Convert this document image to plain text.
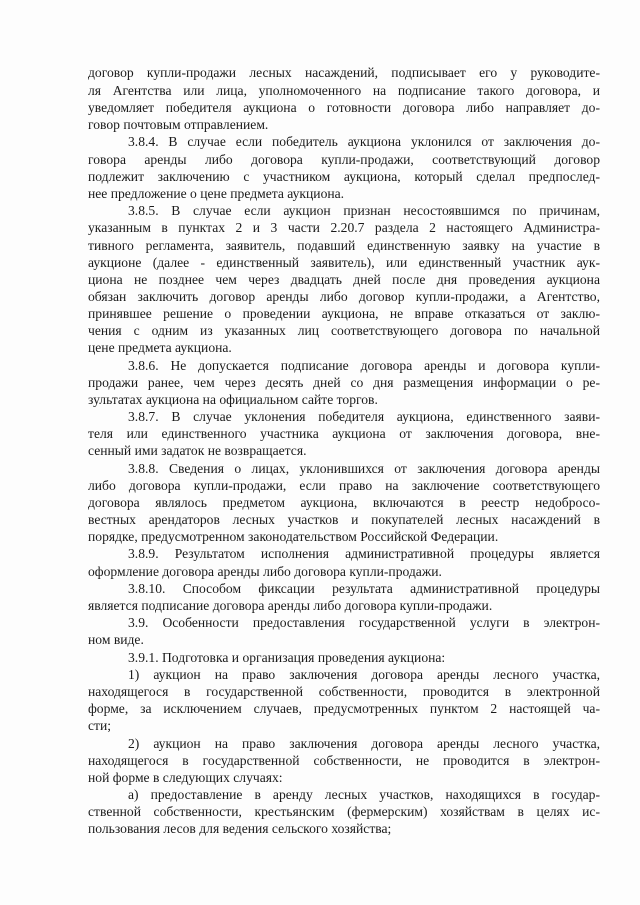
договор купли-продажи лесных насаждений, подписывает его у руководите-
ля Агентства или лица, уполномоченного на подписание такого договора, и
уведомляет победителя аукциона о готовности договора либо направляет до-
говор почтовым отправлением.
3.8.4. В случае если победитель аукциона уклонился от заключения до-
говора аренды либо договора купли-продажи, соответствующий договор
подлежит заключению с участником аукциона, который сделал предпослед-
нее предложение о цене предмета аукциона.
3.8.5. В случае если аукцион признан несостоявшимся по причинам,
указанным в пунктах 2 и 3 части 2.20.7 раздела 2 настоящего Администра-
тивного регламента, заявитель, подавший единственную заявку на участие в
аукционе (далее - единственный заявитель), или единственный участник аук-
циона не позднее чем через двадцать дней после дня проведения аукциона
обязан заключить договор аренды либо договор купли-продажи, а Агентство,
принявшее решение о проведении аукциона, не вправе отказаться от заклю-
чения с одним из указанных лиц соответствующего договора по начальной
цене предмета аукциона.
3.8.6. Не допускается подписание договора аренды и договора купли-
продажи ранее, чем через десять дней со дня размещения информации о ре-
зультатах аукциона на официальном сайте торгов.
3.8.7. В случае уклонения победителя аукциона, единственного заяви-
теля или единственного участника аукциона от заключения договора, вне-
сенный ими задаток не возвращается.
3.8.8. Сведения о лицах, уклонившихся от заключения договора аренды
либо договора купли-продажи, если право на заключение соответствующего
договора являлось предметом аукциона, включаются в реестр недобросо-
вестных арендаторов лесных участков и покупателей лесных насаждений в
порядке, предусмотренном законодательством Российской Федерации.
3.8.9. Результатом исполнения административной процедуры является
оформление договора аренды либо договора купли-продажи.
3.8.10. Способом фиксации результата административной процедуры
является подписание договора аренды либо договора купли-продажи.
3.9. Особенности предоставления государственной услуги в электрон-
ном виде.
3.9.1. Подготовка и организация проведения аукциона:
1) аукцион на право заключения договора аренды лесного участка,
находящегося в государственной собственности, проводится в электронной
форме, за исключением случаев, предусмотренных пунктом 2 настоящей ча-
сти;
2) аукцион на право заключения договора аренды лесного участка,
находящегося в государственной собственности, не проводится в электрон-
ной форме в следующих случаях:
а) предоставление в аренду лесных участков, находящихся в государ-
ственной собственности, крестьянским (фермерским) хозяйствам в целях ис-
пользования лесов для ведения сельского хозяйства;
